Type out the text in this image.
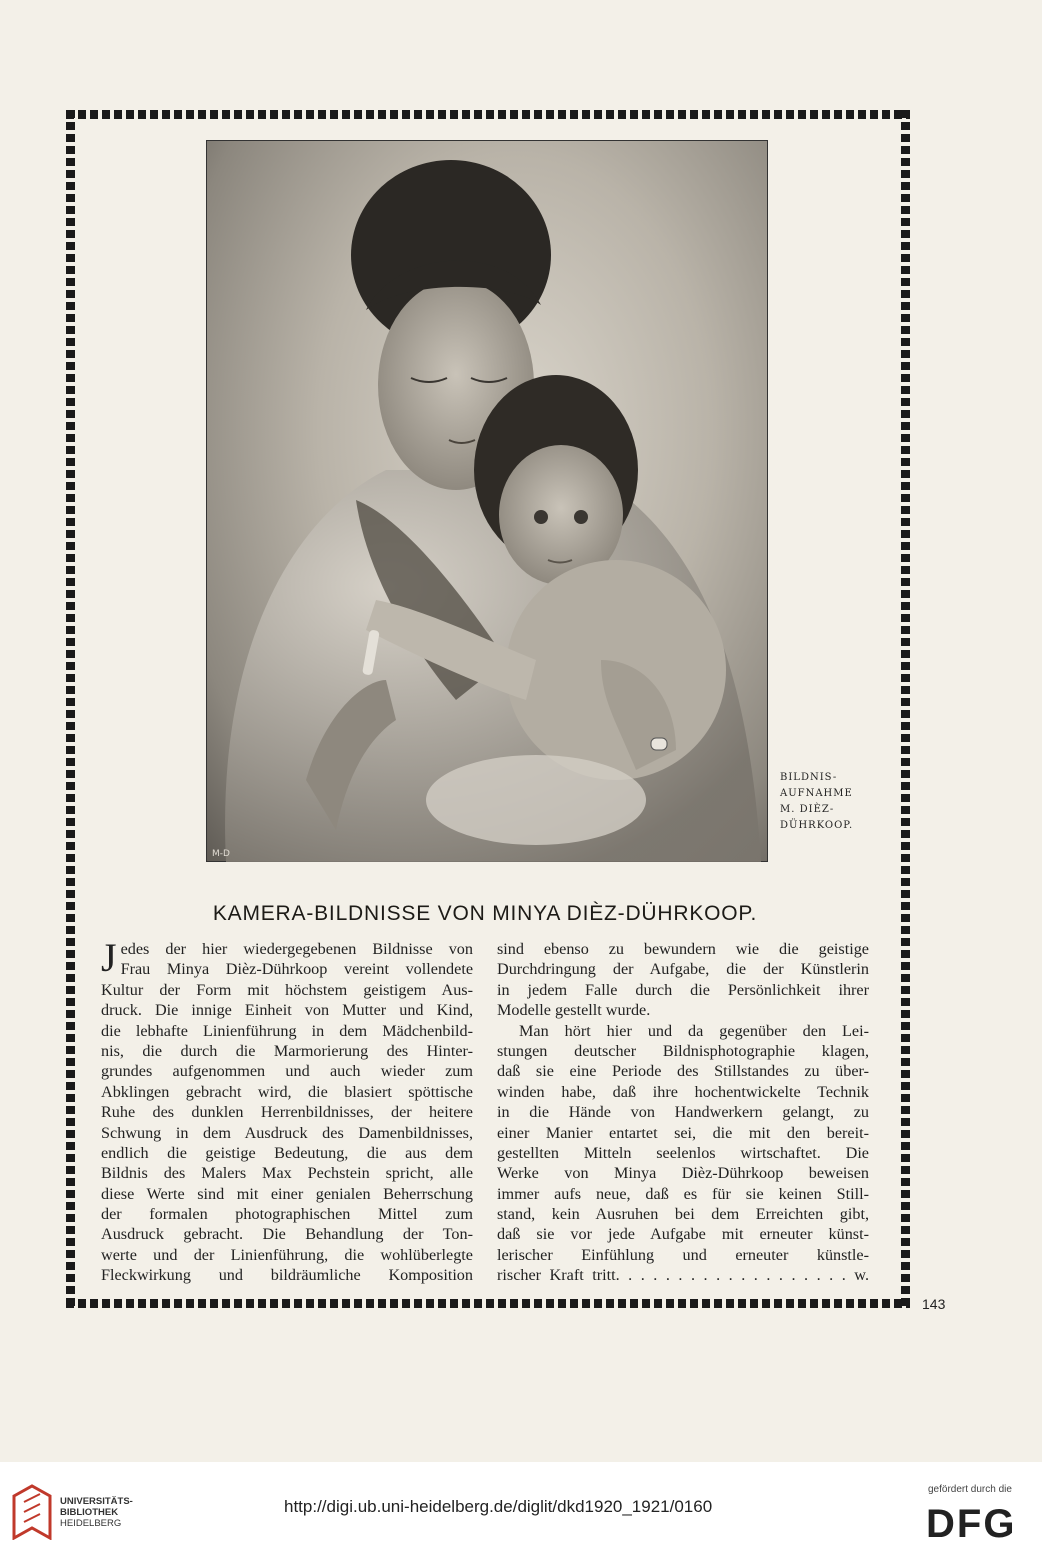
M-D
BILDNIS-
AUFNAHME
M. DIÈZ-
DÜHRKOOP.
KAMERA-BILDNISSE VON MINYA DIÈZ-DÜHRKOOP.
J edes der hier wiedergegebenen Bildnisse von
Frau Minya Dièz-Dührkoop vereint vollendete
Kultur der Form mit höchstem geistigem Aus-
druck. Die innige Einheit von Mutter und Kind,
die lebhafte Linienführung in dem Mädchenbild-
nis, die durch die Marmorierung des Hinter-
grundes aufgenommen und auch wieder zum
Abklingen gebracht wird, die blasiert spöttische
Ruhe des dunklen Herrenbildnisses, der heitere
Schwung in dem Ausdruck des Damenbildnisses,
endlich die geistige Bedeutung, die aus dem
Bildnis des Malers Max Pechstein spricht, alle
diese Werte sind mit einer genialen Beherrschung
der formalen photographischen Mittel zum
Ausdruck gebracht. Die Behandlung der Ton-
werte und der Linienführung, die wohlüberlegte
Fleckwirkung und bildräumliche Komposition
sind ebenso zu bewundern wie die geistige
Durchdringung der Aufgabe, die der Künstlerin
in jedem Falle durch die Persönlichkeit ihrer
Modelle gestellt wurde.
Man hört hier und da gegenüber den Lei-
stungen deutscher Bildnisphotographie klagen,
daß sie eine Periode des Stillstandes zu über-
winden habe, daß ihre hochentwickelte Technik
in die Hände von Handwerkern gelangt, zu
einer Manier entartet sei, die mit den bereit-
gestellten Mitteln seelenlos wirtschaftet. Die
Werke von Minya Dièz-Dührkoop beweisen
immer aufs neue, daß es für sie keinen Still-
stand, kein Ausruhen bei dem Erreichten gibt,
daß sie vor jede Aufgabe mit erneuter künst-
lerischer Einfühlung und erneuter künstle-
rischer Kraft tritt. . . . . . . . . . . . . . . . . . . w.
143
UNIVERSITÄTS-
BIBLIOTHEK
HEIDELBERG
http://digi.ub.uni-heidelberg.de/diglit/dkd1920_1921/0160
gefördert durch die
DFG
